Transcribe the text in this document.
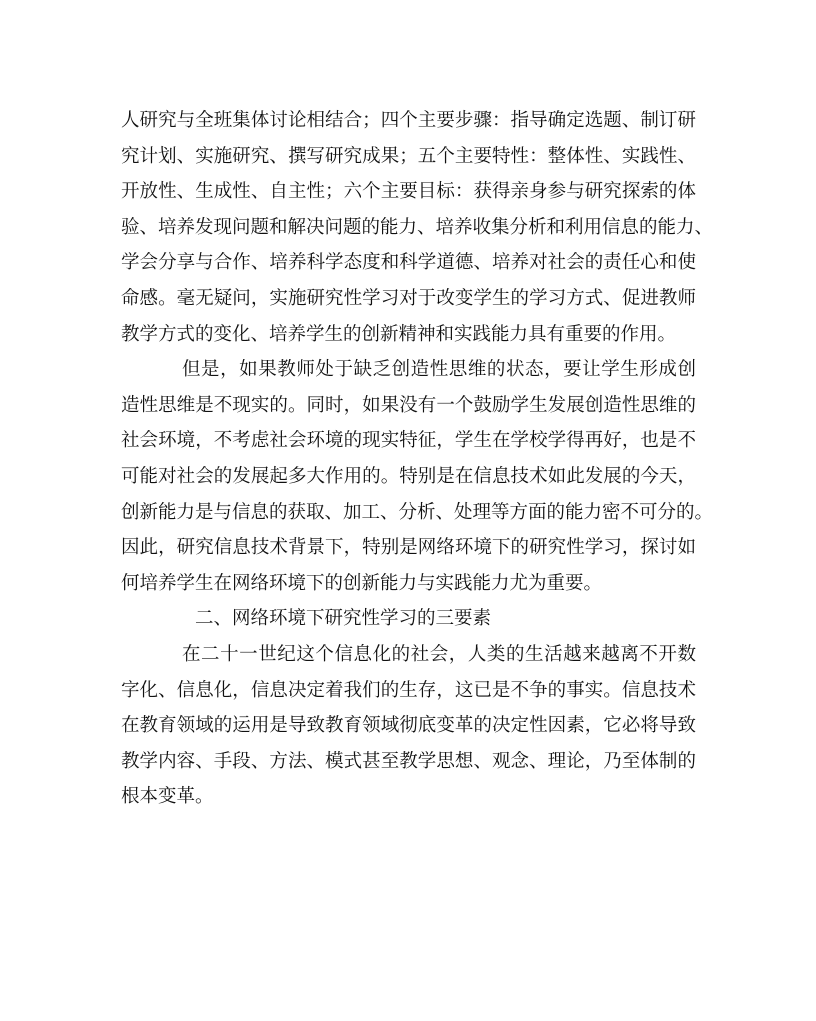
人研究与全班集体讨论相结合；四个主要步骤：指导确定选题、制订研
究计划、实施研究、撰写研究成果；五个主要特性：整体性、实践性、
开放性、生成性、自主性；六个主要目标：获得亲身参与研究探索的体
验、培养发现问题和解决问题的能力、培养收集分析和利用信息的能力、
学会分享与合作、培养科学态度和科学道德、培养对社会的责任心和使
命感。毫无疑问，实施研究性学习对于改变学生的学习方式、促进教师
教学方式的变化、培养学生的创新精神和实践能力具有重要的作用。
但是，如果教师处于缺乏创造性思维的状态，要让学生形成创
造性思维是不现实的。同时，如果没有一个鼓励学生发展创造性思维的
社会环境，不考虑社会环境的现实特征，学生在学校学得再好，也是不
可能对社会的发展起多大作用的。特别是在信息技术如此发展的今天，
创新能力是与信息的获取、加工、分析、处理等方面的能力密不可分的。
因此，研究信息技术背景下，特别是网络环境下的研究性学习，探讨如
何培养学生在网络环境下的创新能力与实践能力尤为重要。
二、网络环境下研究性学习的三要素
在二十一世纪这个信息化的社会，人类的生活越来越离不开数
字化、信息化，信息决定着我们的生存，这已是不争的事实。信息技术
在教育领域的运用是导致教育领域彻底变革的决定性因素，它必将导致
教学内容、手段、方法、模式甚至教学思想、观念、理论，乃至体制的
根本变革。
